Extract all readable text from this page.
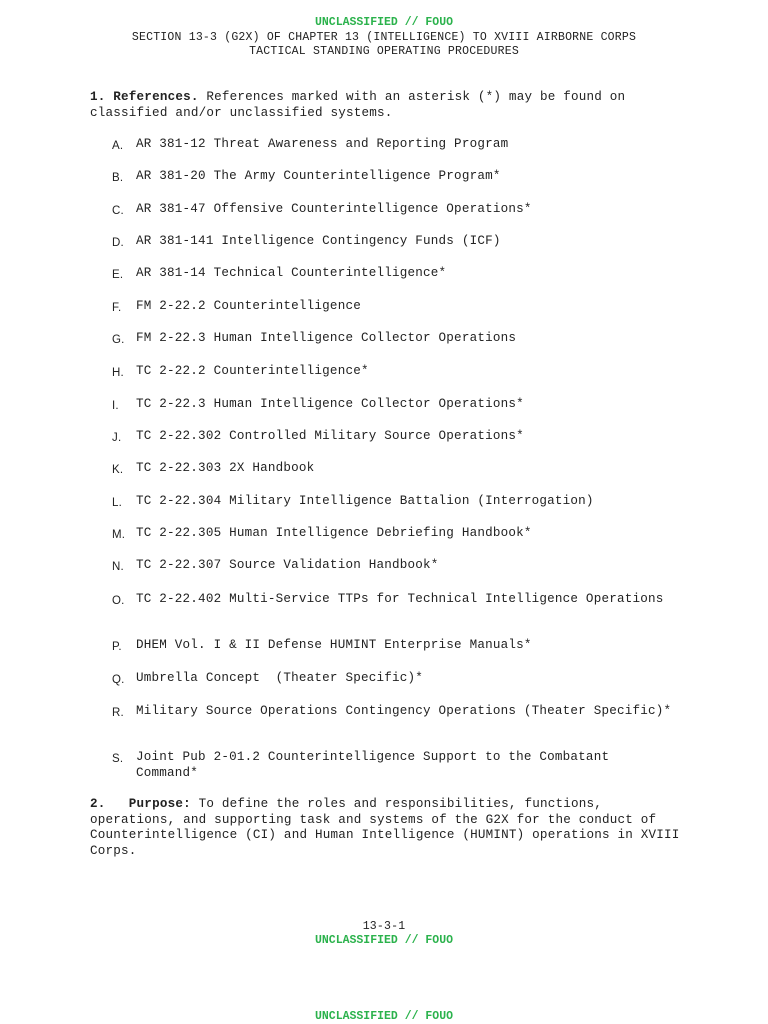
UNCLASSIFIED // FOUO
SECTION 13-3 (G2X) OF CHAPTER 13 (INTELLIGENCE) TO XVIII AIRBORNE CORPS
TACTICAL STANDING OPERATING PROCEDURES
1. References. References marked with an asterisk (*) may be found on classified and/or unclassified systems.
A.	AR 381-12 Threat Awareness and Reporting Program
B.	AR 381-20 The Army Counterintelligence Program*
C. AR 381-47 Offensive Counterintelligence Operations*
D. AR 381-141 Intelligence Contingency Funds (ICF)
E.	AR 381-14 Technical Counterintelligence*
F.	FM 2-22.2 Counterintelligence
G. FM 2-22.3 Human Intelligence Collector Operations
H. TC 2-22.2 Counterintelligence*
I.	TC 2-22.3 Human Intelligence Collector Operations*
J.	TC 2-22.302 Controlled Military Source Operations*
K.	TC 2-22.303 2X Handbook
L.	TC 2-22.304 Military Intelligence Battalion (Interrogation)
M. TC 2-22.305 Human Intelligence Debriefing Handbook*
N. TC 2-22.307 Source Validation Handbook*
O. TC 2-22.402 Multi-Service TTPs for Technical Intelligence Operations
P.	DHEM Vol. I & II Defense HUMINT Enterprise Manuals*
Q. Umbrella Concept  (Theater Specific)*
R. Military Source Operations Contingency Operations (Theater Specific)*
S.	Joint Pub 2-01.2 Counterintelligence Support to the Combatant Command*
2. Purpose: To define the roles and responsibilities, functions, operations, and supporting task and systems of the G2X for the conduct of Counterintelligence (CI) and Human Intelligence (HUMINT) operations in XVIII Corps.
13-3-1
UNCLASSIFIED // FOUO
UNCLASSIFIED // FOUO
